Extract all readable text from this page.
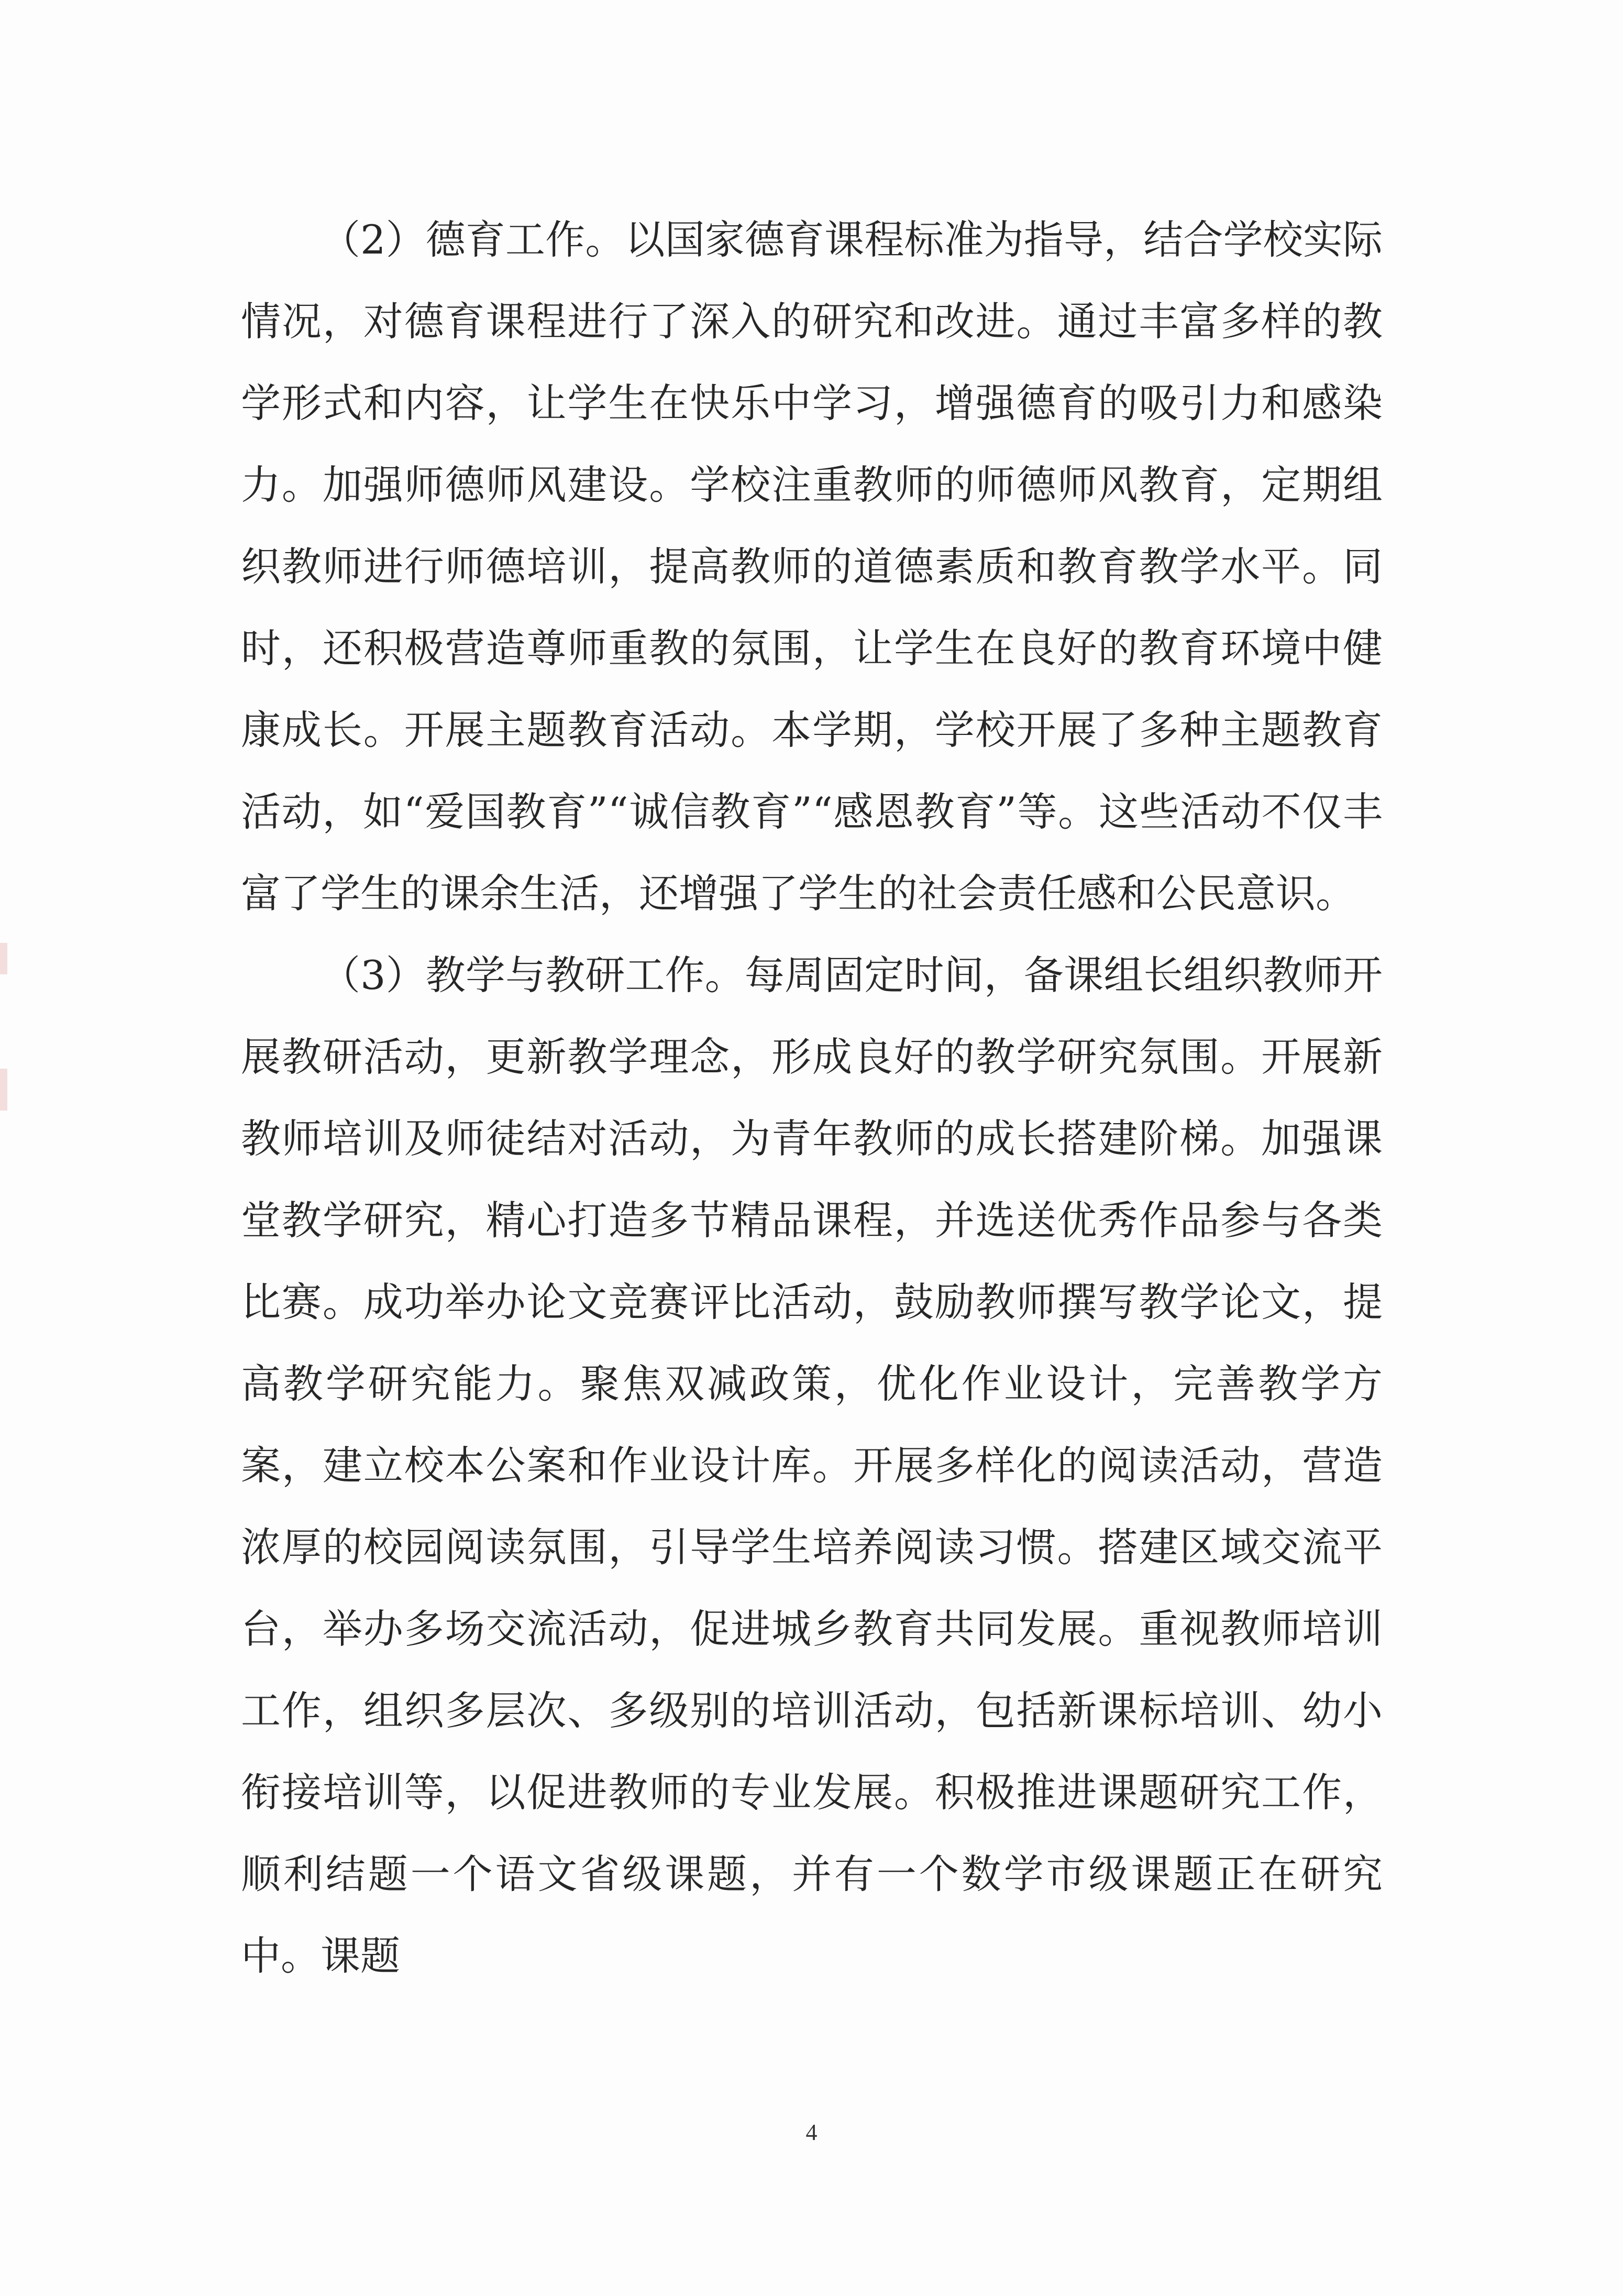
（2）德育工作。以国家德育课程标准为指导，结合学校实际情况，对德育课程进行了深入的研究和改进。通过丰富多样的教学形式和内容，让学生在快乐中学习，增强德育的吸引力和感染力。加强师德师风建设。学校注重教师的师德师风教育，定期组织教师进行师德培训，提高教师的道德素质和教育教学水平。同时，还积极营造尊师重教的氛围，让学生在良好的教育环境中健康成长。开展主题教育活动。本学期，学校开展了多种主题教育活动，如“爱国教育”“诚信教育”“感恩教育”等。这些活动不仅丰富了学生的课余生活，还增强了学生的社会责任感和公民意识。

（3）教学与教研工作。每周固定时间，备课组长组织教师开展教研活动，更新教学理念，形成良好的教学研究氛围。开展新教师培训及师徒结对活动，为青年教师的成长搭建阶梯。加强课堂教学研究，精心打造多节精品课程，并选送优秀作品参与各类比赛。成功举办论文竞赛评比活动，鼓励教师撰写教学论文，提高教学研究能力。聚焦双减政策，优化作业设计，完善教学方案，建立校本公案和作业设计库。开展多样化的阅读活动，营造浓厚的校园阅读氛围，引导学生培养阅读习惯。搭建区域交流平台，举办多场交流活动，促进城乡教育共同发展。重视教师培训工作，组织多层次、多级别的培训活动，包括新课标培训、幼小衔接培训等，以促进教师的专业发展。积极推进课题研究工作，顺利结题一个语文省级课题，并有一个数学市级课题正在研究中。课题

4
